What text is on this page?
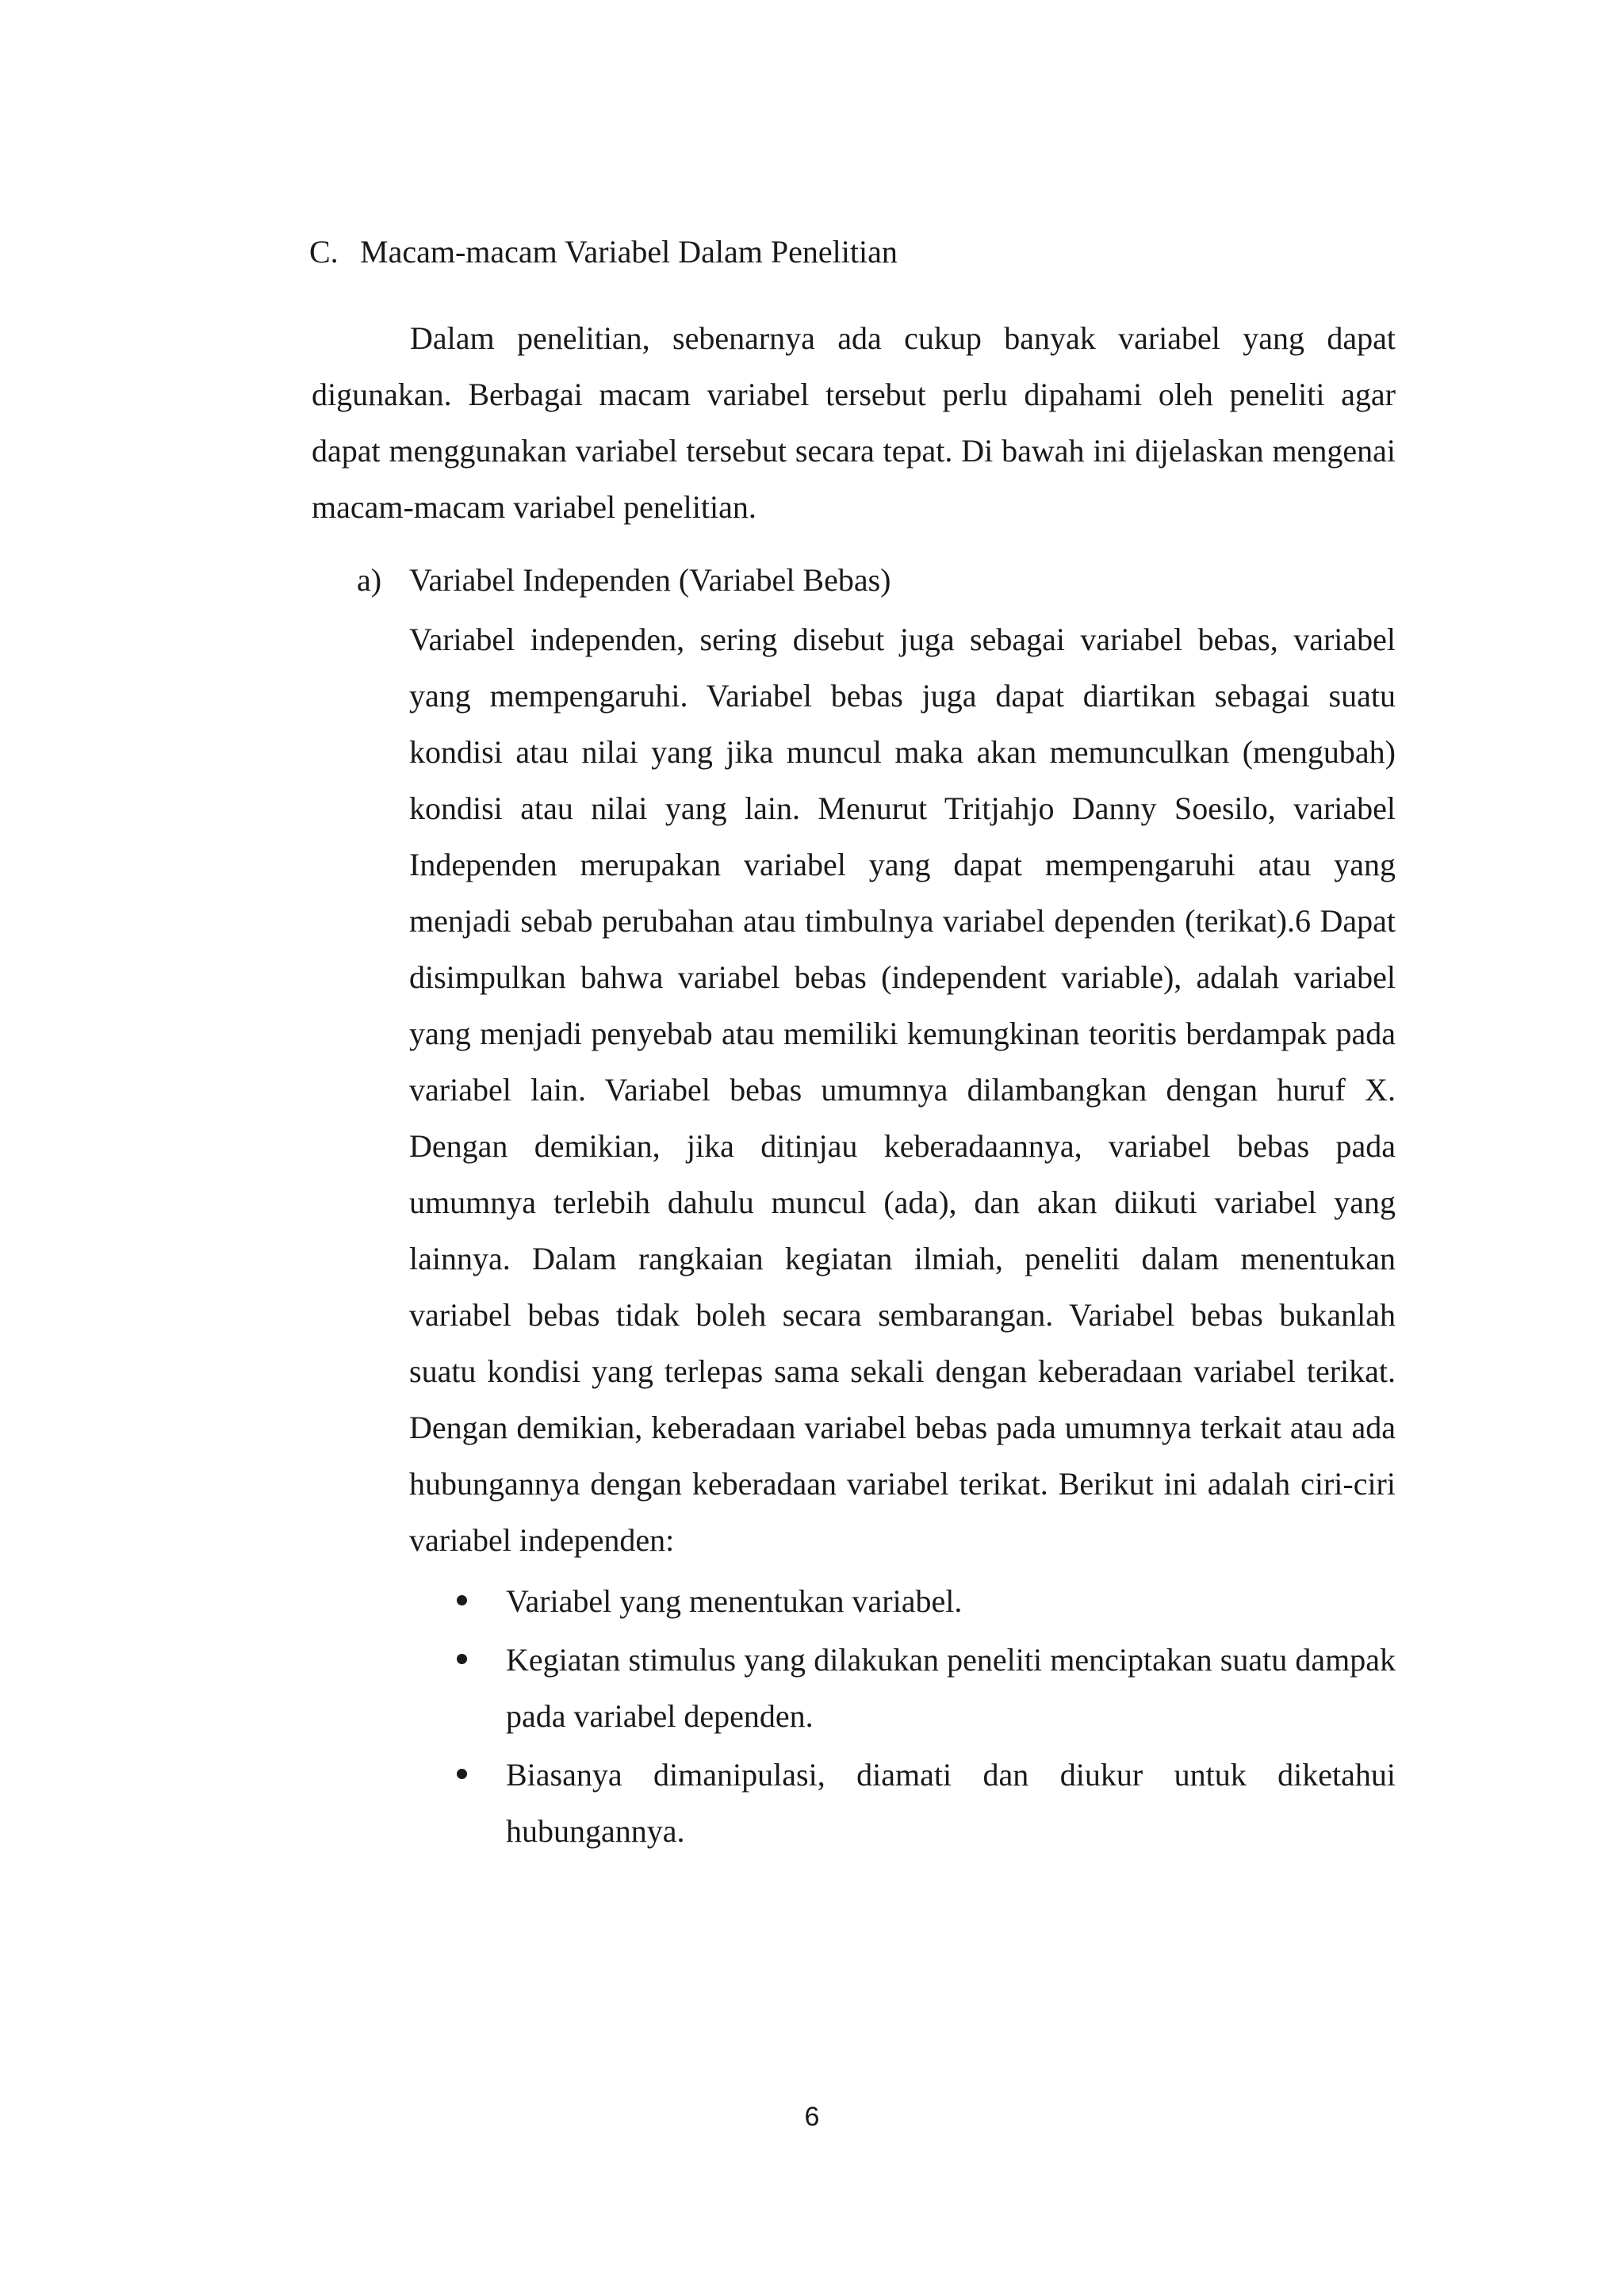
C. Macam-macam Variabel Dalam Penelitian

Dalam penelitian, sebenarnya ada cukup banyak variabel yang dapat digunakan. Berbagai macam variabel tersebut perlu dipahami oleh peneliti agar dapat menggunakan variabel tersebut secara tepat. Di bawah ini dijelaskan mengenai macam-macam variabel penelitian.

a) Variabel Independen (Variabel Bebas)

Variabel independen, sering disebut juga sebagai variabel bebas, variabel yang mempengaruhi. Variabel bebas juga dapat diartikan sebagai suatu kondisi atau nilai yang jika muncul maka akan memunculkan (mengubah) kondisi atau nilai yang lain. Menurut Tritjahjo Danny Soesilo, variabel Independen merupakan variabel yang dapat mempengaruhi atau yang menjadi sebab perubahan atau timbulnya variabel dependen (terikat).6 Dapat disimpulkan bahwa variabel bebas (independent variable), adalah variabel yang menjadi penyebab atau memiliki kemungkinan teoritis berdampak pada variabel lain. Variabel bebas umumnya dilambangkan dengan huruf X. Dengan demikian, jika ditinjau keberadaannya, variabel bebas pada umumnya terlebih dahulu muncul (ada), dan akan diikuti variabel yang lainnya. Dalam rangkaian kegiatan ilmiah, peneliti dalam menentukan variabel bebas tidak boleh secara sembarangan. Variabel bebas bukanlah suatu kondisi yang terlepas sama sekali dengan keberadaan variabel terikat. Dengan demikian, keberadaan variabel bebas pada umumnya terkait atau ada hubungannya dengan keberadaan variabel terikat. Berikut ini adalah ciri-ciri variabel independen:

Variabel yang menentukan variabel.
Kegiatan stimulus yang dilakukan peneliti menciptakan suatu dampak pada variabel dependen.
Biasanya dimanipulasi, diamati dan diukur untuk diketahui hubungannya.
6
